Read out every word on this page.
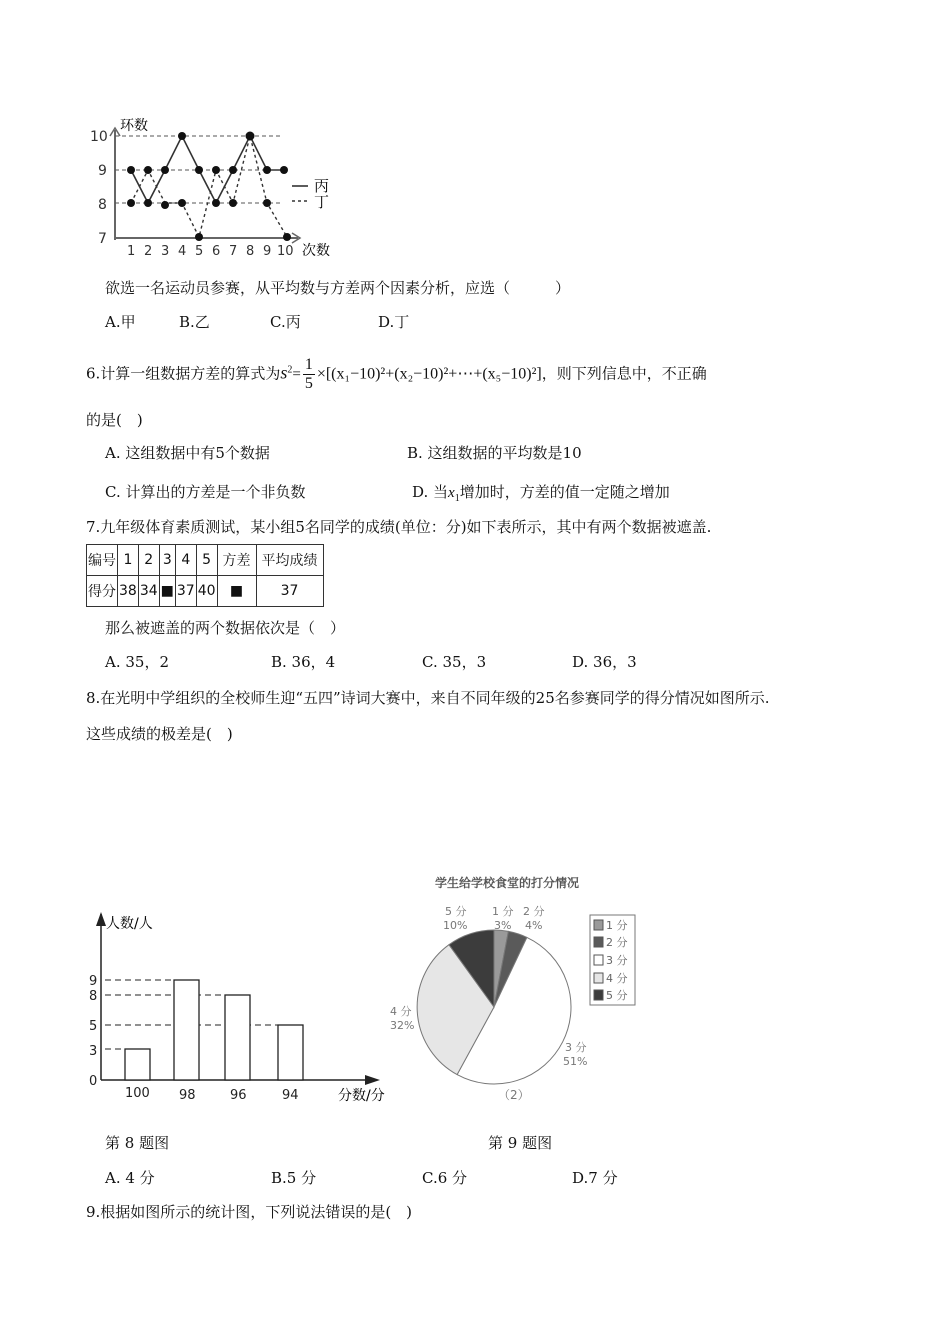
环数
次数
10
9
8
7
1 2 3 4 5 6 7 8 9 10
丙
丁
欲选一名运动员参赛，从平均数与方差两个因素分析，应选（　　　）
A.甲	B.乙	C.丙	D.丁
6.计算一组数据方差的算式为$s^2= \frac{1}{5}$ ×[(x₁−10)²+(x₂−10)²+⋯+(x₅−10)²]，则下列信息中，不正确
的是(　)
A. 这组数据中有5个数据	B. 这组数据的平均数是10
C. 计算出的方差是一个非负数	D. 当$x_1$增加时，方差的值一定随之增加
7.九年级体育素质测试，某小组5名同学的成绩(单位：分)如下表所示，其中有两个数据被遮盖.
编号	1	2	3	4	5	方差	平均成绩
得分	38	34	■	37	40	■	37
那么被遮盖的两个数据依次是（　）
A. 35，2	B. 36，4	C. 35，3	D. 36，3
8.在光明中学组织的全校师生迎“五四”诗词大赛中，来自不同年级的25名参赛同学的得分情况如图所示.
这些成绩的极差是(　)
人数/人
分数/分
0
3
5
8
9
100 98	96	94
学生给学校食堂的打分情况
5 分
10%
1 分
3%
2 分
4%
4 分
32%
3 分
51%
（2）
1 分
2 分
3 分
4 分
5 分
第 8 题图	第 9 题图
A. 4 分	B.5 分	C.6 分	D.7 分
9.根据如图所示的统计图，下列说法错误的是(　)
